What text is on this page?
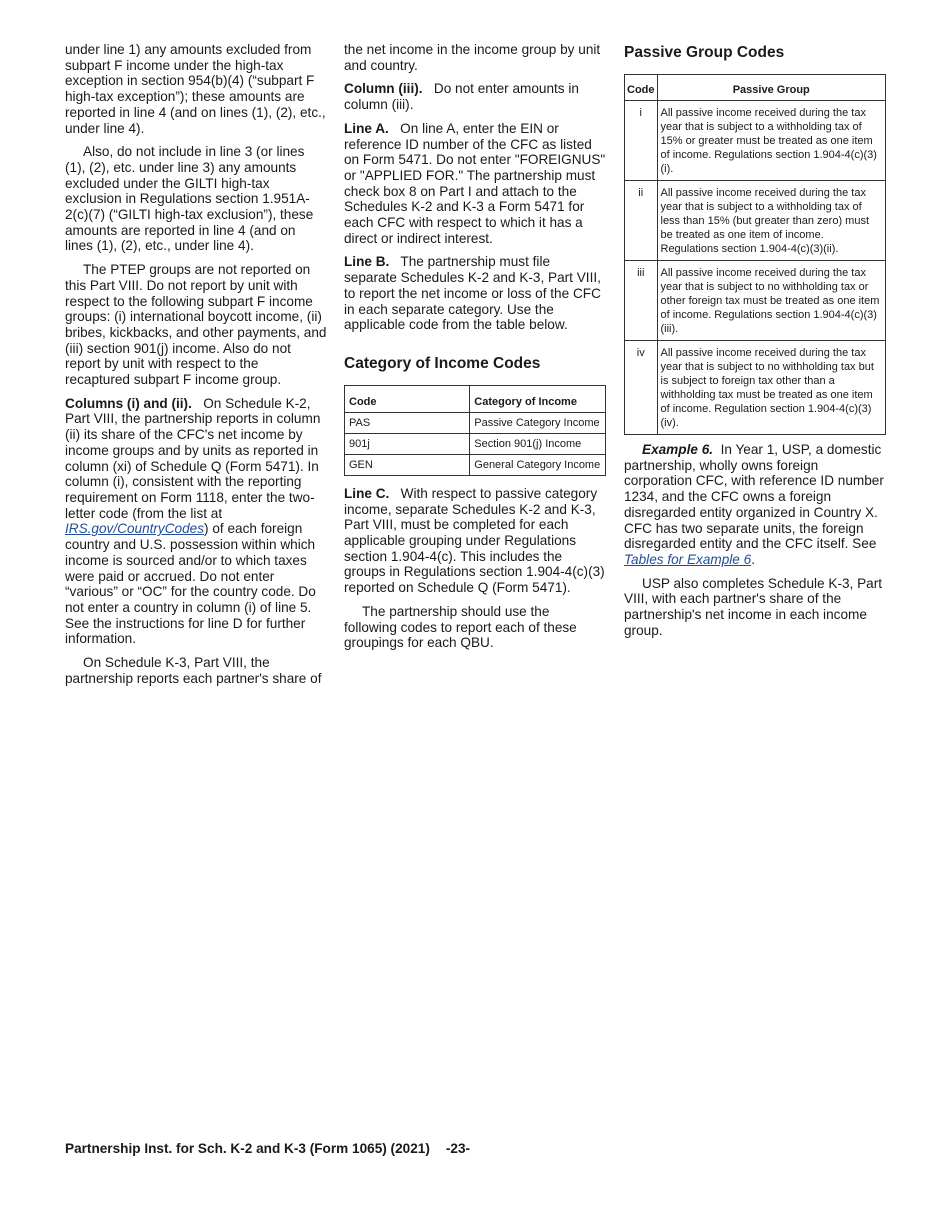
under line 1) any amounts excluded from subpart F income under the high-tax exception in section 954(b)(4) (“subpart F high-tax exception”); these amounts are reported in line 4 (and on lines (1), (2), etc., under line 4).

Also, do not include in line 3 (or lines (1), (2), etc. under line 3) any amounts excluded under the GILTI high-tax exclusion in Regulations section 1.951A-2(c)(7) (“GILTI high-tax exclusion”), these amounts are reported in line 4 (and on lines (1), (2), etc., under line 4).

The PTEP groups are not reported on this Part VIII. Do not report by unit with respect to the following subpart F income groups: (i) international boycott income, (ii) bribes, kickbacks, and other payments, and (iii) section 901(j) income. Also do not report by unit with respect to the recaptured subpart F income group.

Columns (i) and (ii). On Schedule K-2, Part VIII, the partnership reports in column (ii) its share of the CFC's net income by income groups and by units as reported in column (xi) of Schedule Q (Form 5471). In column (i), consistent with the reporting requirement on Form 1118, enter the two-letter code (from the list at IRS.gov/CountryCodes) of each foreign country and U.S. possession within which income is sourced and/or to which taxes were paid or accrued. Do not enter “various” or “OC” for the country code. Do not enter a country in column (i) of line 5. See the instructions for line D for further information.

On Schedule K-3, Part VIII, the partnership reports each partner's share of

the net income in the income group by unit and country.

Column (iii). Do not enter amounts in column (iii).

Line A. On line A, enter the EIN or reference ID number of the CFC as listed on Form 5471. Do not enter "FOREIGNUS" or "APPLIED FOR." The partnership must check box 8 on Part I and attach to the Schedules K-2 and K-3 a Form 5471 for each CFC with respect to which it has a direct or indirect interest.

Line B. The partnership must file separate Schedules K-2 and K-3, Part VIII, to report the net income or loss of the CFC in each separate category. Use the applicable code from the table below.

Category of Income Codes
Code	Category of Income
PAS	Passive Category Income
901j	Section 901(j) Income
GEN	General Category Income

Line C. With respect to passive category income, separate Schedules K-2 and K-3, Part VIII, must be completed for each applicable grouping under Regulations section 1.904-4(c). This includes the groups in Regulations section 1.904-4(c)(3) reported on Schedule Q (Form 5471).

The partnership should use the following codes to report each of these groupings for each QBU.

Passive Group Codes
Code	Passive Group
i	All passive income received during the tax year that is subject to a withholding tax of 15% or greater must be treated as one item of income. Regulations section 1.904-4(c)(3)(i).
ii	All passive income received during the tax year that is subject to a withholding tax of less than 15% (but greater than zero) must be treated as one item of income. Regulations section 1.904-4(c)(3)(ii).
iii	All passive income received during the tax year that is subject to no withholding tax or other foreign tax must be treated as one item of income. Regulations section 1.904-4(c)(3)(iii).
iv	All passive income received during the tax year that is subject to no withholding tax but is subject to foreign tax other than a withholding tax must be treated as one item of income. Regulation section 1.904-4(c)(3)(iv).

Example 6. In Year 1, USP, a domestic partnership, wholly owns foreign corporation CFC, with reference ID number 1234, and the CFC owns a foreign disregarded entity organized in Country X. CFC has two separate units, the foreign disregarded entity and the CFC itself. See Tables for Example 6.

USP also completes Schedule K-3, Part VIII, with each partner's share of the partnership's net income in each income group.

Partnership Inst. for Sch. K-2 and K-3 (Form 1065) (2021) -23-
